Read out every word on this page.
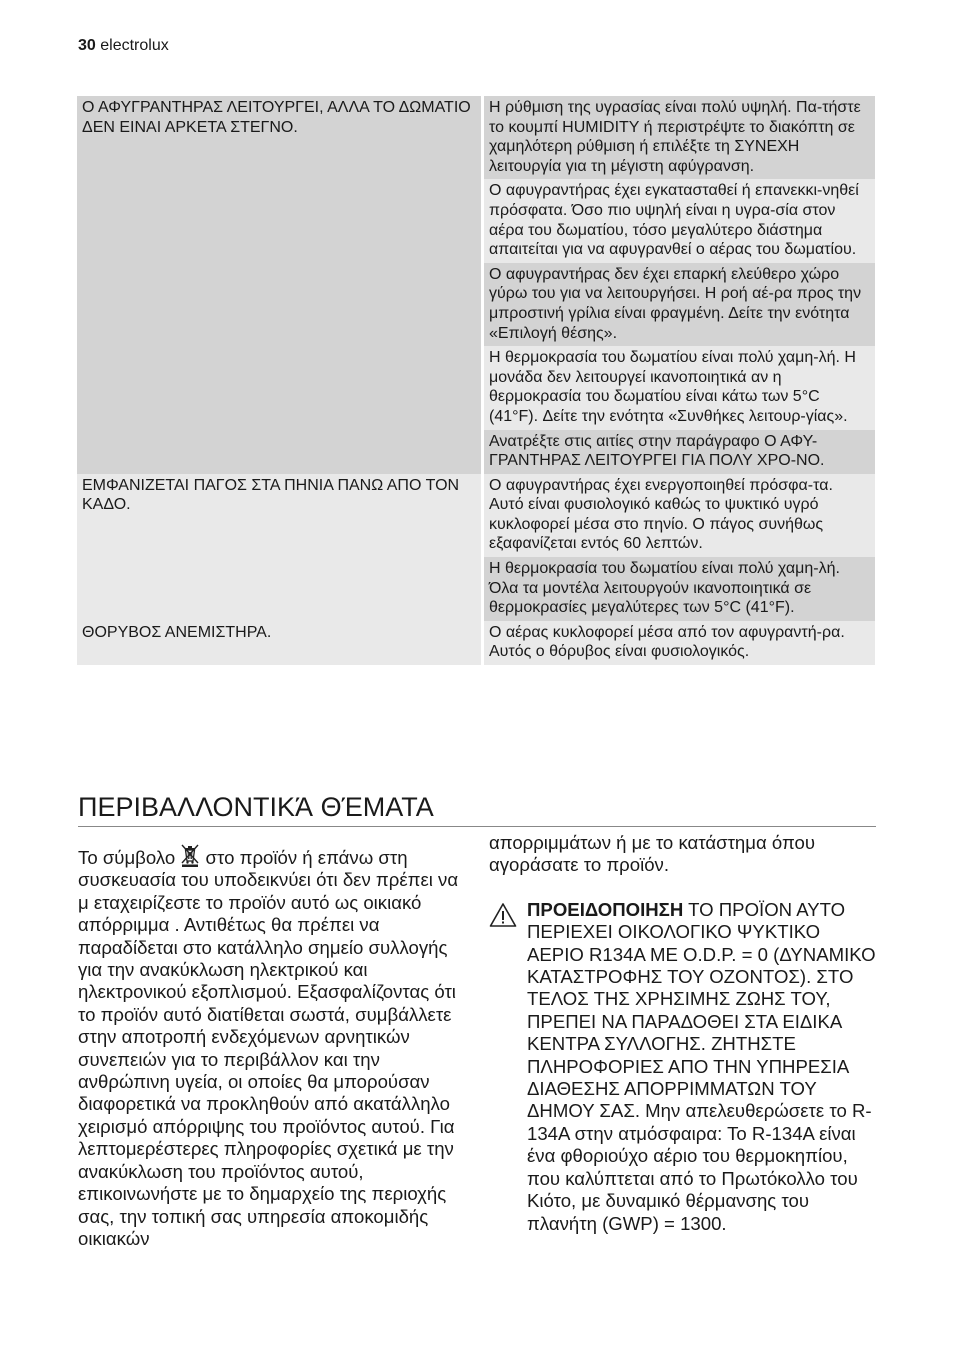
30 electrolux
Ο ΑΦΥΓΡΑΝΤΗΡΑΣ ΛΕΙΤΟΥΡΓΕΙ, ΑΛΛΑ ΤΟ ΔΩΜΑΤΙΟ ΔΕΝ ΕΙΝΑΙ ΑΡΚΕΤΑ ΣΤΕΓΝΟ.	Η ρύθμιση της υγρασίας είναι πολύ υψηλή. Πα-τήστε το κουμπί HUMIDITY ή περιστρέψτε το διακόπτη σε χαμηλότερη ρύθμιση ή επιλέξτε τη ΣΥΝΕΧΗ λειτουργία για τη μέγιστη αφύγρανση.
	Ο αφυγραντήρας έχει εγκατασταθεί ή επανεκκι-νηθεί πρόσφατα. Όσο πιο υψηλή είναι η υγρα-σία στον αέρα του δωματίου, τόσο μεγαλύτερο διάστημα απαιτείται για να αφυγρανθεί ο αέρας του δωματίου.
	Ο αφυγραντήρας δεν έχει επαρκή ελεύθερο χώρο γύρω του για να λειτουργήσει. Η ροή αέ-ρα προς την μπροστινή γρίλια είναι φραγμένη. Δείτε την ενότητα «Επιλογή θέσης».
	Η θερμοκρασία του δωματίου είναι πολύ χαμη-λή. Η μονάδα δεν λειτουργεί ικανοποιητικά αν η θερμοκρασία του δωματίου είναι κάτω των 5°C (41°F). Δείτε την ενότητα «Συνθήκες λειτουρ-γίας».
	Ανατρέξτε στις αιτίες στην παράγραφο Ο ΑΦΥ-ΓΡΑΝΤΗΡΑΣ ΛΕΙΤΟΥΡΓΕΙ ΓΙΑ ΠΟΛΥ ΧΡΟ-ΝΟ.
ΕΜΦΑΝΙΖΕΤΑΙ ΠΑΓΟΣ ΣΤΑ ΠΗΝΙΑ ΠΑΝΩ ΑΠΟ ΤΟΝ ΚΑΔΟ.	Ο αφυγραντήρας έχει ενεργοποιηθεί πρόσφα-τα. Αυτό είναι φυσιολογικό καθώς το ψυκτικό υγρό κυκλοφορεί μέσα στο πηνίο. Ο πάγος συνήθως εξαφανίζεται εντός 60 λεπτών.
	Η θερμοκρασία του δωματίου είναι πολύ χαμη-λή. Όλα τα μοντέλα λειτουργούν ικανοποιητικά σε θερμοκρασίες μεγαλύτερες των 5°C (41°F).
ΘΟΡΥΒΟΣ ΑΝΕΜΙΣΤΗΡΑ.	Ο αέρας κυκλοφορεί μέσα από τον αφυγραντή-ρα. Αυτός ο θόρυβος είναι φυσιολογικός.
ΠΕΡΙΒΑΛΛΟΝΤΙΚΆ ΘΈΜΑΤΑ
Το σύμβολο  στο προϊόν ή επάνω στη συσκευασία του υποδεικνύει ότι δεν πρέπει να μ εταχειρίζεστε το προϊόν αυτό ως οικιακό απόρριμμα . Αντιθέτως θα πρέπει να παραδίδεται στο κατάλληλο σημείο συλλογής για την ανακύκλωση ηλεκτρικού και ηλεκτρονικού εξοπλισμού. Εξασφαλίζοντας ότι το προϊόν αυτό διατίθεται σωστά, συμβάλλετε στην αποτροπή ενδεχόμενων αρνητικών συνεπειών για το περιβάλλον και την ανθρώπινη υγεία, οι οποίες θα μπορούσαν διαφορετικά να προκληθούν από ακατάλληλο χειρισμό απόρριψης του προϊόντος αυτού. Για λεπτομερέστερες πληροφορίες σχετικά με την ανακύκλωση του προϊόντος αυτού, επικοινωνήστε με το δημαρχείο της περιοχής σας, την τοπική σας υπηρεσία αποκομιδής οικιακών
απορριμμάτων ή με το κατάστημα όπου αγοράσατε το προϊόν.
ΠΡΟΕΙΔΟΠΟΙΗΣΗ ΤΟ ΠΡΟΪΟΝ ΑΥΤΟ ΠΕΡΙΕΧΕΙ ΟΙΚΟΛΟΓΙΚΟ ΨΥΚΤΙΚΟ ΑΕΡΙΟ R134A ΜΕ O.D.P. = 0 (ΔΥΝΑΜΙΚΟ ΚΑΤΑΣΤΡΟΦΗΣ ΤΟΥ ΟΖΟΝΤΟΣ). ΣΤΟ ΤΕΛΟΣ ΤΗΣ ΧΡΗΣΙΜΗΣ ΖΩΗΣ ΤΟΥ, ΠΡΕΠΕΙ ΝΑ ΠΑΡΑΔΟΘΕΙ ΣΤΑ ΕΙΔΙΚΑ ΚΕΝΤΡΑ ΣΥΛΛΟΓΗΣ. ΖΗΤΗΣΤΕ ΠΛΗΡΟΦΟΡΙΕΣ ΑΠΟ ΤΗΝ ΥΠΗΡΕΣΙΑ ΔΙΑΘΕΣΗΣ ΑΠΟΡΡΙΜΜΑΤΩΝ ΤΟΥ ΔΗΜΟΥ ΣΑΣ. Μην απελευθερώσετε το R-134A στην ατμόσφαιρα: Το R-134A είναι ένα φθοριούχο αέριο του θερμοκηπίου, που καλύπτεται από το Πρωτόκολλο του Κιότο, με δυναμικό θέρμανσης του πλανήτη (GWP) = 1300.
